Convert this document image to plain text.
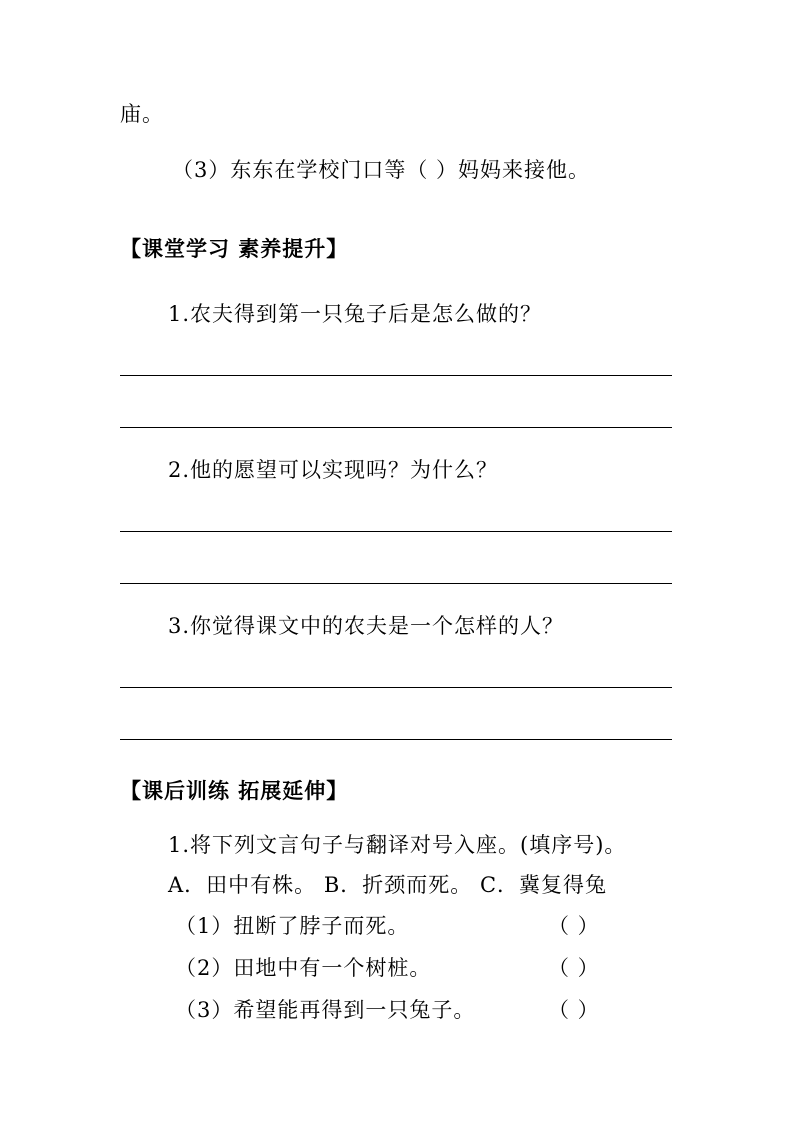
庙。
（3）东东在学校门口等（ ）妈妈来接他。
【课堂学习 素养提升】
1.农夫得到第一只兔子后是怎么做的？
2.他的愿望可以实现吗？为什么？
3.你觉得课文中的农夫是一个怎样的人？
【课后训练 拓展延伸】
1.将下列文言句子与翻译对号入座。(填序号)。
A．田中有株。 B．折颈而死。 C．冀复得兔
（1）扭断了脖子而死。	（ ）
（2）田地中有一个树桩。	（ ）
（3）希望能再得到一只兔子。	（ ）
